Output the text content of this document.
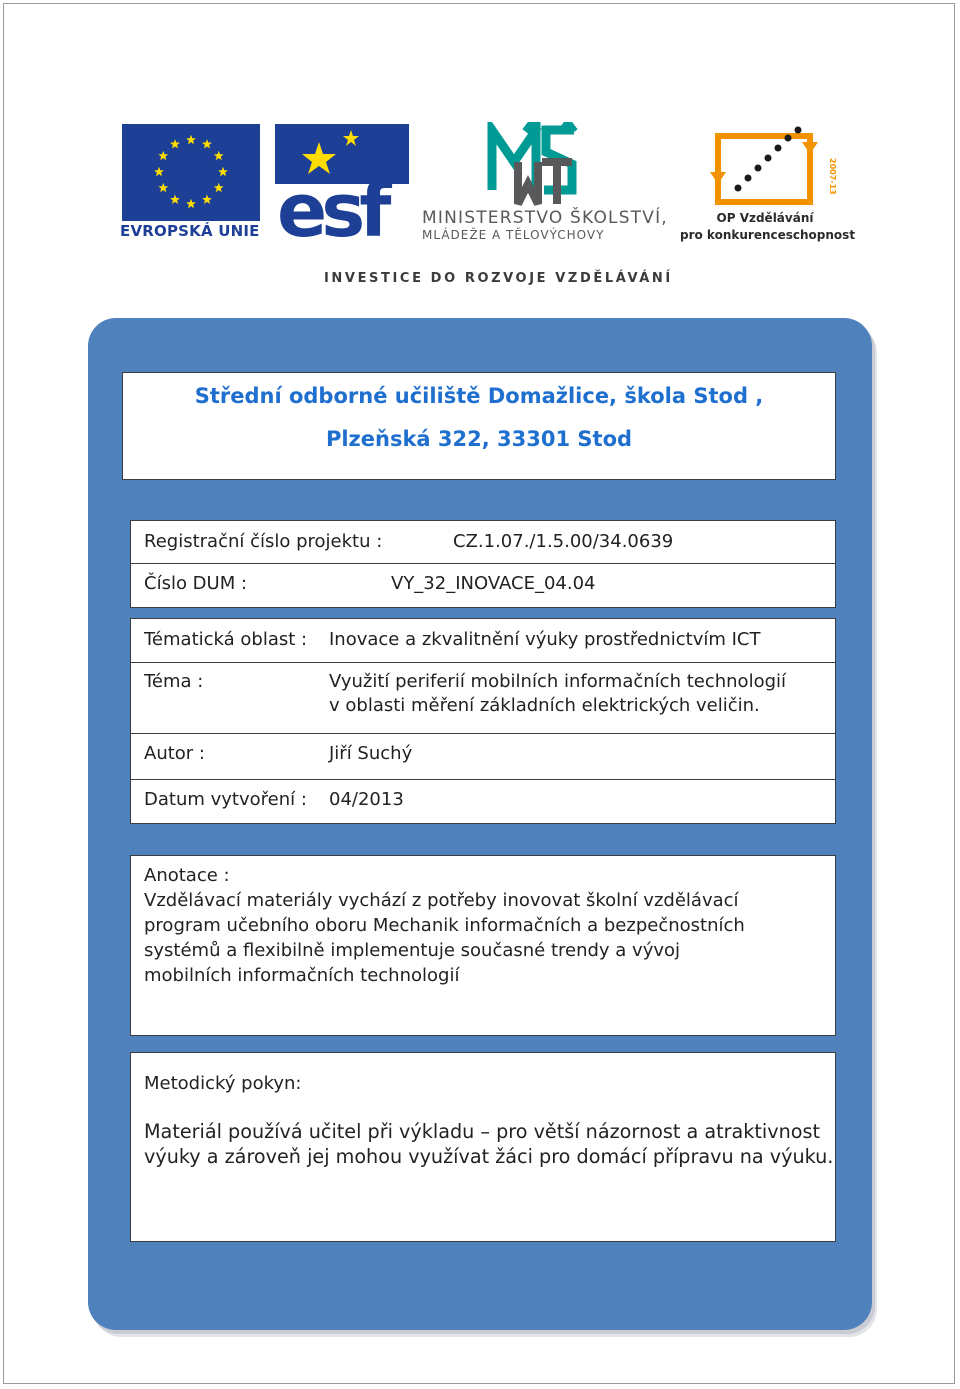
EVROPSKÁ UNIE esf	MINISTERSTVO ŠKOLSTVÍ,
MLÁDEŽE A TĚLOVÝCHOVY
2007-13
OP Vzdělávání
pro konkurenceschopnost
INVESTICE DO ROZVOJE VZDĚLÁVÁNÍ
Střední odborné učiliště Domažlice, škola Stod ,
Plzeňská 322, 33301 Stod
Registrační číslo projektu :	CZ.1.07./1.5.00/34.0639
Číslo DUM :	VY_32_INOVACE_04.04
Tématická oblast : Inovace a zkvalitnění výuky prostřednictvím ICT
Téma :	Využití periferií mobilních informačních technologií
v oblasti měření základních elektrických veličin.
Autor :	Jiří Suchý
Datum vytvoření : 04/2013
Anotace :
Vzdělávací materiály vychází z potřeby inovovat školní vzdělávací
program učebního oboru Mechanik informačních a bezpečnostních
systémů a flexibilně implementuje současné trendy a vývoj
mobilních informačních technologií
Metodický pokyn:
Materiál používá učitel při výkladu – pro větší názornost a atraktivnost
výuky a zároveň jej mohou využívat žáci pro domácí přípravu na výuku.
